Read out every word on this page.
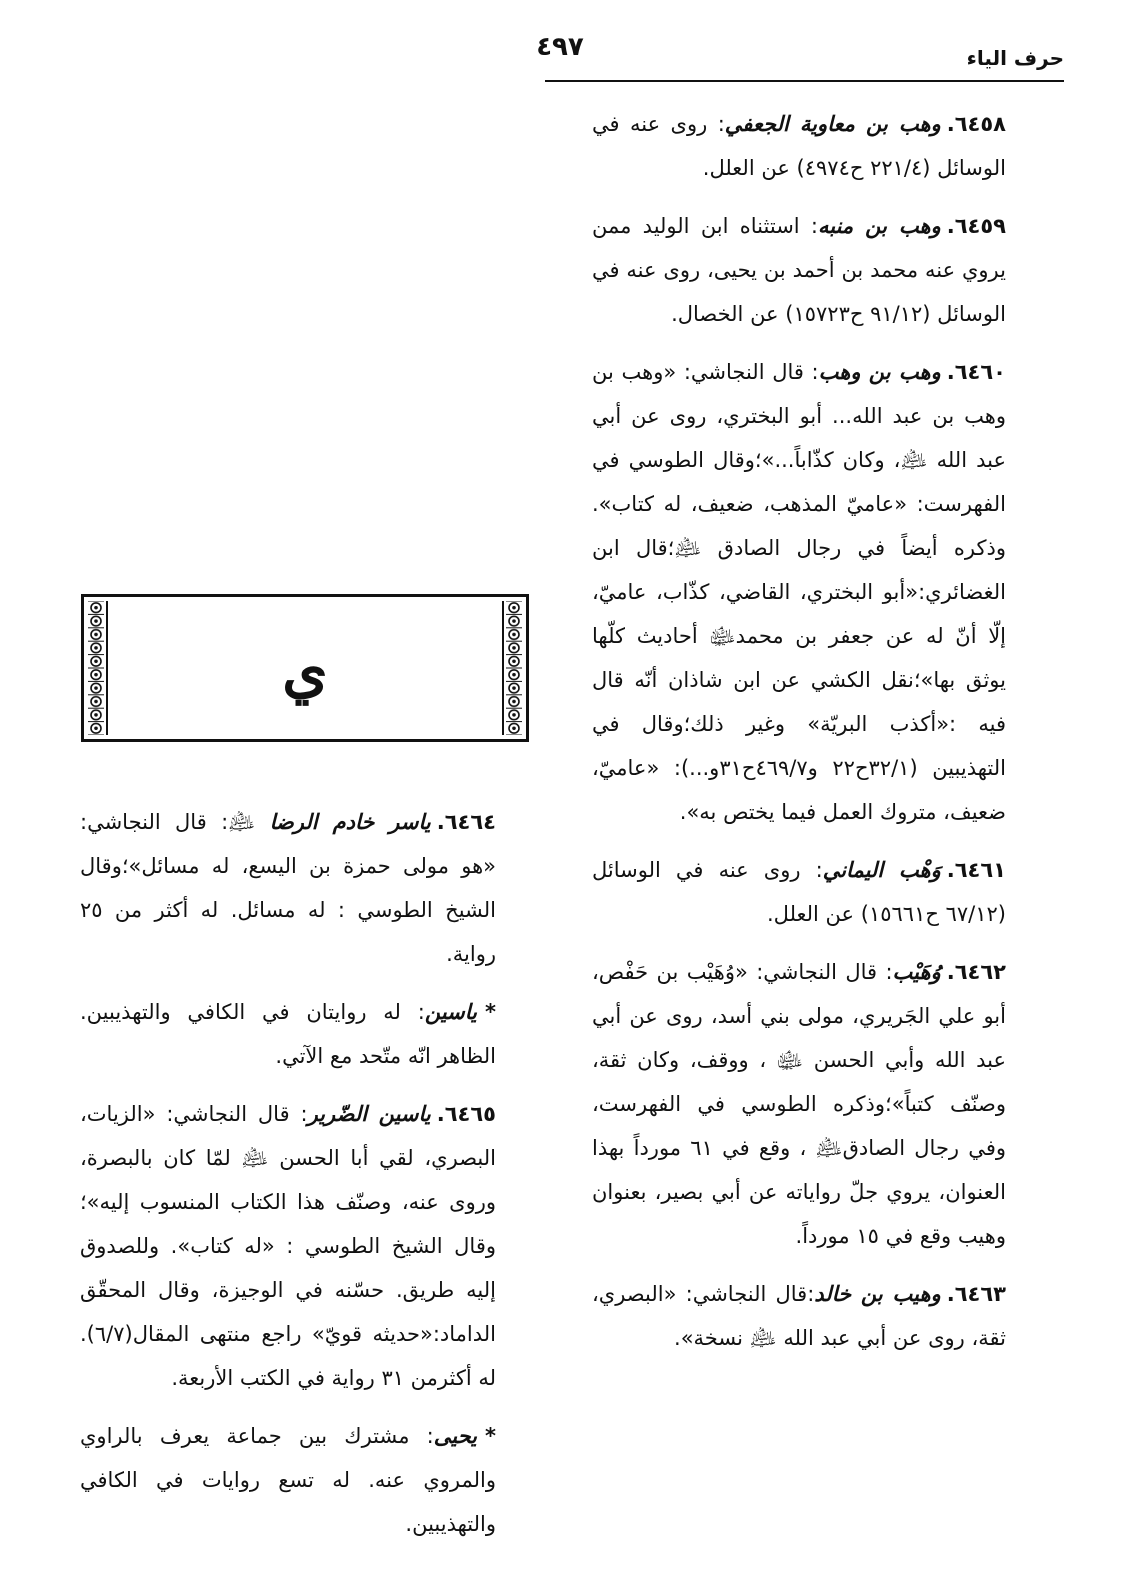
حرف الياء
٤٩٧

٦٤٥٨.وهب بن معاوية الجعفي: روى عنه في الوسائل (٢٢١/٤ ح٤٩٧٤) عن العلل.

٦٤٥٩.وهب بن منبه: استثناه ابن الوليد ممن يروي عنه محمد بن أحمد بن يحيى، روى عنه في الوسائل (٩١/١٢ ح١٥٧٢٣) عن الخصال.

٦٤٦٠.وهب بن وهب: قال النجاشي: «وهب بن وهب بن عبد الله... أبو البختري، روى عن أبي عبد الله ﵇، وكان كذّاباً...»؛وقال الطوسي في الفهرست: «عاميّ المذهب، ضعيف، له كتاب». وذكره أيضاً في رجال الصادق ﵇؛قال ابن الغضائري:«أبو البختري، القاضي، كذّاب، عاميّ، إلّا أنّ له عن جعفر بن محمد﵉ أحاديث كلّها يوثق بها»؛نقل الكشي عن ابن شاذان أنّه قال فيه :«أكذب البريّة» وغير ذلك؛وقال في التهذيبين (٣٢/١ح٢٢ و٤٦٩/٧ح٣١و...): «عاميّ، ضعيف، متروك العمل فيما يختص به».

٦٤٦١.وَهْب اليماني: روى عنه في الوسائل (٦٧/١٢ ح١٥٦٦١) عن العلل.

٦٤٦٢.وُهَيْب: قال النجاشي: «وُهَيْب بن حَفْص، أبو علي الجَريري، مولى بني أسد، روى عن أبي عبد الله وأبي الحسن ﵉ ، ووقف، وكان ثقة، وصنّف كتباً»؛وذكره الطوسي في الفهرست، وفي رجال الصادق﵇ ، وقع في ٦١ مورداً بهذا العنوان، يروي جلّ رواياته عن أبي بصير، بعنوان وهيب وقع في ١٥ مورداً.

٦٤٦٣.وهيب بن خالد:قال النجاشي: «البصري، ثقة، روى عن أبي عبد الله ﵇ نسخة».

ي

٦٤٦٤.ياسر خادم الرضا ﵇: قال النجاشي: «هو مولى حمزة بن اليسع، له مسائل»؛وقال الشيخ الطوسي : له مسائل. له أكثر من ٢٥ رواية.

*ياسين: له روايتان في الكافي والتهذيبين. الظاهر انّه متّحد مع الآتي.

٦٤٦٥.ياسين الضّرير: قال النجاشي: «الزيات، البصري، لقي أبا الحسن ﵇ لمّا كان بالبصرة، وروى عنه، وصنّف هذا الكتاب المنسوب إليه»؛وقال الشيخ الطوسي : «له كتاب». وللصدوق إليه طريق. حسّنه في الوجيزة، وقال المحقّق الداماد:«حديثه قويّ» راجع منتهى المقال(٦/٧). له أكثرمن ٣١ رواية في الكتب الأربعة.

*يحيى: مشترك بين جماعة يعرف بالراوي والمروي عنه. له تسع روايات في الكافي والتهذيبين.
